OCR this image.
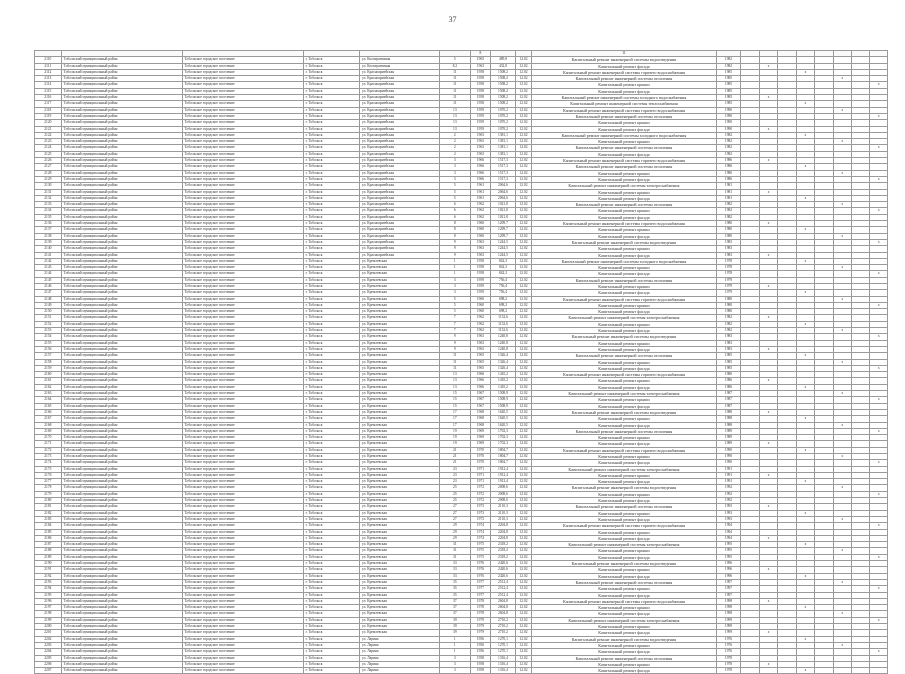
37
						8			11									
2110	Тобольский муниципальный район	Тобольское городское поселение	г. Тобольск	ул. Кооперативная	5	1965	489,8	12.02	Капитальный ремонт инженерной системы водоотведения	1982								
2111	Тобольский муниципальный район	Тобольское городское поселение	г. Тобольск	ул. Кооперативная	8,2	1963	432,8	12.02	Капитальный ремонт фасада	1982		х						
2112	Тобольский муниципальный район	Тобольское городское поселение	г. Тобольск	ул. Красноармейская	11	1958	1508,2	12.02	Капитальный ремонт инженерной системы горячего водоснабжения	1985				х				
2113	Тобольский муниципальный район	Тобольское городское поселение	г. Тобольск	ул. Красноармейская	11	1958	1508,2	12.02	Капитальный ремонт инженерной системы отопления	1985						х		
2114	Тобольский муниципальный район	Тобольское городское поселение	г. Тобольск	ул. Красноармейская	11	1958	1508,2	12.02	Капитальный ремонт крыши	1985								х
2115	Тобольский муниципальный район	Тобольское городское поселение	г. Тобольск	ул. Красноармейская	11	1958	1508,2	12.02	Капитальный ремонт фасада	1985								
2116	Тобольский муниципальный район	Тобольское городское поселение	г. Тобольск	ул. Красноармейская	11	1958	1508,2	12.02	Капитальный ремонт инженерной системы холодного водоснабжения	1985		х						
2117	Тобольский муниципальный район	Тобольское городское поселение	г. Тобольск	ул. Красноармейская	11	1958	1508,2	12.02	Капитальный ремонт инженерной системы теплоснабжения	1985				х				
2118	Тобольский муниципальный район	Тобольское городское поселение	г. Тобольск	ул. Красноармейская	13	1959	1070,2	12.02	Капитальный ремонт инженерной системы горячего водоснабжения	1990						х		
2119	Тобольский муниципальный район	Тобольское городское поселение	г. Тобольск	ул. Красноармейская	13	1959	1070,2	12.02	Капитальный ремонт инженерной системы отопления	1990								х
2120	Тобольский муниципальный район	Тобольское городское поселение	г. Тобольск	ул. Красноармейская	13	1959	1070,2	12.02	Капитальный ремонт крыши	1990								
2121	Тобольский муниципальный район	Тобольское городское поселение	г. Тобольск	ул. Красноармейская	13	1959	1070,2	12.02	Капитальный ремонт фасада	1990		х						
2122	Тобольский муниципальный район	Тобольское городское поселение	г. Тобольск	ул. Красноармейская	2	1963	1381,1	12.02	Капитальный ремонт инженерной системы холодного водоснабжения	1982				х				
2123	Тобольский муниципальный район	Тобольское городское поселение	г. Тобольск	ул. Красноармейская	2	1963	1381,1	12.02	Капитальный ремонт крыши	1982						х		
2124	Тобольский муниципальный район	Тобольское городское поселение	г. Тобольск	ул. Красноармейская	2	1963	1381,1	12.02	Капитальный ремонт инженерной системы отопления	1982								х
2125	Тобольский муниципальный район	Тобольское городское поселение	г. Тобольск	ул. Красноармейская	2	1963	1381,1	12.02	Капитальный ремонт фасада	1982								
2126	Тобольский муниципальный район	Тобольское городское поселение	г. Тобольск	ул. Красноармейская	3	1966	1517,3	12.02	Капитальный ремонт инженерной системы горячего водоснабжения	1986		х						
2127	Тобольский муниципальный район	Тобольское городское поселение	г. Тобольск	ул. Красноармейская	3	1966	1517,3	12.02	Капитальный ремонт инженерной системы отопления	1986				х				
2128	Тобольский муниципальный район	Тобольское городское поселение	г. Тобольск	ул. Красноармейская	3	1966	1517,3	12.02	Капитальный ремонт крыши	1986						х		
2129	Тобольский муниципальный район	Тобольское городское поселение	г. Тобольск	ул. Красноармейская	3	1966	1517,3	12.02	Капитальный ремонт фасада	1986								х
2130	Тобольский муниципальный район	Тобольское городское поселение	г. Тобольск	ул. Красноармейская	5	1961	2064,6	12.02	Капитальный ремонт инженерной системы электроснабжения	1981								
2131	Тобольский муниципальный район	Тобольское городское поселение	г. Тобольск	ул. Красноармейская	5	1961	2064,6	12.02	Капитальный ремонт крыши	1981		х						
2132	Тобольский муниципальный район	Тобольское городское поселение	г. Тобольск	ул. Красноармейская	5	1961	2064,6	12.02	Капитальный ремонт фасада	1981				х				
2133	Тобольский муниципальный район	Тобольское городское поселение	г. Тобольск	ул. Красноармейская	6	1962	1021,8	12.02	Капитальный ремонт инженерной системы отопления	1982						х		
2134	Тобольский муниципальный район	Тобольское городское поселение	г. Тобольск	ул. Красноармейская	6	1962	1021,8	12.02	Капитальный ремонт крыши	1982								х
2135	Тобольский муниципальный район	Тобольское городское поселение	г. Тобольск	ул. Красноармейская	6	1962	1021,8	12.02	Капитальный ремонт фасада	1982								
2136	Тобольский муниципальный район	Тобольское городское поселение	г. Тобольск	ул. Красноармейская	8	1960	1209,7	12.02	Капитальный ремонт инженерной системы горячего водоснабжения	1980		х						
2137	Тобольский муниципальный район	Тобольское городское поселение	г. Тобольск	ул. Красноармейская	8	1960	1209,7	12.02	Капитальный ремонт крыши	1980				х				
2138	Тобольский муниципальный район	Тобольское городское поселение	г. Тобольск	ул. Красноармейская	8	1960	1209,7	12.02	Капитальный ремонт фасада	1980						х		
2139	Тобольский муниципальный район	Тобольское городское поселение	г. Тобольск	ул. Красноармейская	9	1963	1244,5	12.02	Капитальный ремонт инженерной системы водоотведения	1983								х
2140	Тобольский муниципальный район	Тобольское городское поселение	г. Тобольск	ул. Красноармейская	9	1963	1244,5	12.02	Капитальный ремонт крыши	1983								
2141	Тобольский муниципальный район	Тобольское городское поселение	г. Тобольск	ул. Красноармейская	9	1963	1244,5	12.02	Капитальный ремонт фасада	1983		х						
2142	Тобольский муниципальный район	Тобольское городское поселение	г. Тобольск	ул. Кремлевская	1	1958	842,3	12.02	Капитальный ремонт инженерной системы холодного водоснабжения	1978				х				
2143	Тобольский муниципальный район	Тобольское городское поселение	г. Тобольск	ул. Кремлевская	1	1958	842,3	12.02	Капитальный ремонт крыши	1978						х		
2144	Тобольский муниципальный район	Тобольское городское поселение	г. Тобольск	ул. Кремлевская	1	1958	842,3	12.02	Капитальный ремонт фасада	1978								х
2145	Тобольский муниципальный район	Тобольское городское поселение	г. Тобольск	ул. Кремлевская	3	1959	756,4	12.02	Капитальный ремонт инженерной системы отопления	1979								
2146	Тобольский муниципальный район	Тобольское городское поселение	г. Тобольск	ул. Кремлевская	3	1959	756,4	12.02	Капитальный ремонт крыши	1979		х						
2147	Тобольский муниципальный район	Тобольское городское поселение	г. Тобольск	ул. Кремлевская	3	1959	756,4	12.02	Капитальный ремонт фасада	1979				х				
2148	Тобольский муниципальный район	Тобольское городское поселение	г. Тобольск	ул. Кремлевская	5	1960	698,2	12.02	Капитальный ремонт инженерной системы горячего водоснабжения	1980						х		
2149	Тобольский муниципальный район	Тобольское городское поселение	г. Тобольск	ул. Кремлевская	5	1960	698,2	12.02	Капитальный ремонт крыши	1980								х
2150	Тобольский муниципальный район	Тобольское городское поселение	г. Тобольск	ул. Кремлевская	5	1960	698,2	12.02	Капитальный ремонт фасада	1980								
2151	Тобольский муниципальный район	Тобольское городское поселение	г. Тобольск	ул. Кремлевская	7	1962	1132,6	12.02	Капитальный ремонт инженерной системы электроснабжения	1982		х						
2152	Тобольский муниципальный район	Тобольское городское поселение	г. Тобольск	ул. Кремлевская	7	1962	1132,6	12.02	Капитальный ремонт крыши	1982				х				
2153	Тобольский муниципальный район	Тобольское городское поселение	г. Тобольск	ул. Кремлевская	7	1962	1132,6	12.02	Капитальный ремонт фасада	1982						х		
2154	Тобольский муниципальный район	Тобольское городское поселение	г. Тобольск	ул. Кремлевская	9	1963	1240,8	12.02	Капитальный ремонт инженерной системы водоотведения	1983								х
2155	Тобольский муниципальный район	Тобольское городское поселение	г. Тобольск	ул. Кремлевская	9	1963	1240,8	12.02	Капитальный ремонт крыши	1983								
2156	Тобольский муниципальный район	Тобольское городское поселение	г. Тобольск	ул. Кремлевская	9	1963	1240,8	12.02	Капитальный ремонт фасада	1983		х						
2157	Тобольский муниципальный район	Тобольское городское поселение	г. Тобольск	ул. Кремлевская	11	1965	1326,4	12.02	Капитальный ремонт инженерной системы отопления	1985				х				
2158	Тобольский муниципальный район	Тобольское городское поселение	г. Тобольск	ул. Кремлевская	11	1965	1326,4	12.02	Капитальный ремонт крыши	1985						х		
2159	Тобольский муниципальный район	Тобольское городское поселение	г. Тобольск	ул. Кремлевская	11	1965	1326,4	12.02	Капитальный ремонт фасада	1985								х
2160	Тобольский муниципальный район	Тобольское городское поселение	г. Тобольск	ул. Кремлевская	13	1966	1410,2	12.02	Капитальный ремонт инженерной системы горячего водоснабжения	1986								
2161	Тобольский муниципальный район	Тобольское городское поселение	г. Тобольск	ул. Кремлевская	13	1966	1410,2	12.02	Капитальный ремонт крыши	1986		х						
2162	Тобольский муниципальный район	Тобольское городское поселение	г. Тобольск	ул. Кремлевская	13	1966	1410,2	12.02	Капитальный ремонт фасада	1986				х				
2163	Тобольский муниципальный район	Тобольское городское поселение	г. Тобольск	ул. Кремлевская	15	1967	1508,9	12.02	Капитальный ремонт инженерной системы электроснабжения	1987						х		
2164	Тобольский муниципальный район	Тобольское городское поселение	г. Тобольск	ул. Кремлевская	15	1967	1508,9	12.02	Капитальный ремонт крыши	1987								х
2165	Тобольский муниципальный район	Тобольское городское поселение	г. Тобольск	ул. Кремлевская	15	1967	1508,9	12.02	Капитальный ремонт фасада	1987								
2166	Тобольский муниципальный район	Тобольское городское поселение	г. Тобольск	ул. Кремлевская	17	1968	1620,5	12.02	Капитальный ремонт инженерной системы водоотведения	1988		х						
2167	Тобольский муниципальный район	Тобольское городское поселение	г. Тобольск	ул. Кремлевская	17	1968	1620,5	12.02	Капитальный ремонт крыши	1988				х				
2168	Тобольский муниципальный район	Тобольское городское поселение	г. Тобольск	ул. Кремлевская	17	1968	1620,5	12.02	Капитальный ремонт фасада	1988						х		
2169	Тобольский муниципальный район	Тобольское городское поселение	г. Тобольск	ул. Кремлевская	19	1969	1702,3	12.02	Капитальный ремонт инженерной системы отопления	1989								х
2170	Тобольский муниципальный район	Тобольское городское поселение	г. Тобольск	ул. Кремлевская	19	1969	1702,3	12.02	Капитальный ремонт крыши	1989								
2171	Тобольский муниципальный район	Тобольское городское поселение	г. Тобольск	ул. Кремлевская	19	1969	1702,3	12.02	Капитальный ремонт фасада	1989		х						
2172	Тобольский муниципальный район	Тобольское городское поселение	г. Тобольск	ул. Кремлевская	21	1970	1804,7	12.02	Капитальный ремонт инженерной системы горячего водоснабжения	1990				х				
2173	Тобольский муниципальный район	Тобольское городское поселение	г. Тобольск	ул. Кремлевская	21	1970	1804,7	12.02	Капитальный ремонт крыши	1990						х		
2174	Тобольский муниципальный район	Тобольское городское поселение	г. Тобольск	ул. Кремлевская	21	1970	1804,7	12.02	Капитальный ремонт фасада	1990								х
2175	Тобольский муниципальный район	Тобольское городское поселение	г. Тобольск	ул. Кремлевская	23	1971	1912,4	12.02	Капитальный ремонт инженерной системы электроснабжения	1991								
2176	Тобольский муниципальный район	Тобольское городское поселение	г. Тобольск	ул. Кремлевская	23	1971	1912,4	12.02	Капитальный ремонт крыши	1991		х						
2177	Тобольский муниципальный район	Тобольское городское поселение	г. Тобольск	ул. Кремлевская	23	1971	1912,4	12.02	Капитальный ремонт фасада	1991				х				
2178	Тобольский муниципальный район	Тобольское городское поселение	г. Тобольск	ул. Кремлевская	25	1972	2008,6	12.02	Капитальный ремонт инженерной системы водоотведения	1992						х		
2179	Тобольский муниципальный район	Тобольское городское поселение	г. Тобольск	ул. Кремлевская	25	1972	2008,6	12.02	Капитальный ремонт крыши	1992								х
2180	Тобольский муниципальный район	Тобольское городское поселение	г. Тобольск	ул. Кремлевская	25	1972	2008,6	12.02	Капитальный ремонт фасада	1992								
2181	Тобольский муниципальный район	Тобольское городское поселение	г. Тобольск	ул. Кремлевская	27	1973	2110,3	12.02	Капитальный ремонт инженерной системы отопления	1993		х						
2182	Тобольский муниципальный район	Тобольское городское поселение	г. Тобольск	ул. Кремлевская	27	1973	2110,3	12.02	Капитальный ремонт крыши	1993				х				
2183	Тобольский муниципальный район	Тобольское городское поселение	г. Тобольск	ул. Кремлевская	27	1973	2110,3	12.02	Капитальный ремонт фасада	1993						х		
2184	Тобольский муниципальный район	Тобольское городское поселение	г. Тобольск	ул. Кремлевская	29	1974	2204,8	12.02	Капитальный ремонт инженерной системы горячего водоснабжения	1994								х
2185	Тобольский муниципальный район	Тобольское городское поселение	г. Тобольск	ул. Кремлевская	29	1974	2204,8	12.02	Капитальный ремонт крыши	1994								
2186	Тобольский муниципальный район	Тобольское городское поселение	г. Тобольск	ул. Кремлевская	29	1974	2204,8	12.02	Капитальный ремонт фасада	1994		х						
2187	Тобольский муниципальный район	Тобольское городское поселение	г. Тобольск	ул. Кремлевская	31	1975	2318,2	12.02	Капитальный ремонт инженерной системы электроснабжения	1995				х				
2188	Тобольский муниципальный район	Тобольское городское поселение	г. Тобольск	ул. Кремлевская	31	1975	2318,2	12.02	Капитальный ремонт крыши	1995						х		
2189	Тобольский муниципальный район	Тобольское городское поселение	г. Тобольск	ул. Кремлевская	31	1975	2318,2	12.02	Капитальный ремонт фасада	1995								х
2190	Тобольский муниципальный район	Тобольское городское поселение	г. Тобольск	ул. Кремлевская	33	1976	2420,6	12.02	Капитальный ремонт инженерной системы водоотведения	1996								
2191	Тобольский муниципальный район	Тобольское городское поселение	г. Тобольск	ул. Кремлевская	33	1976	2420,6	12.02	Капитальный ремонт крыши	1996		х						
2192	Тобольский муниципальный район	Тобольское городское поселение	г. Тобольск	ул. Кремлевская	33	1976	2420,6	12.02	Капитальный ремонт фасада	1996				х				
2193	Тобольский муниципальный район	Тобольское городское поселение	г. Тобольск	ул. Кремлевская	35	1977	2512,4	12.02	Капитальный ремонт инженерной системы отопления	1997						х		
2194	Тобольский муниципальный район	Тобольское городское поселение	г. Тобольск	ул. Кремлевская	35	1977	2512,4	12.02	Капитальный ремонт крыши	1997								х
2195	Тобольский муниципальный район	Тобольское городское поселение	г. Тобольск	ул. Кремлевская	35	1977	2512,4	12.02	Капитальный ремонт фасада	1997								
2196	Тобольский муниципальный район	Тобольское городское поселение	г. Тобольск	ул. Кремлевская	37	1978	2604,8	12.02	Капитальный ремонт инженерной системы горячего водоснабжения	1998		х						
2197	Тобольский муниципальный район	Тобольское городское поселение	г. Тобольск	ул. Кремлевская	37	1978	2604,8	12.02	Капитальный ремонт крыши	1998				х				
2198	Тобольский муниципальный район	Тобольское городское поселение	г. Тобольск	ул. Кремлевская	37	1978	2604,8	12.02	Капитальный ремонт фасада	1998						х		
2199	Тобольский муниципальный район	Тобольское городское поселение	г. Тобольск	ул. Кремлевская	39	1979	2710,2	12.02	Капитальный ремонт инженерной системы электроснабжения	1999								х
2200	Тобольский муниципальный район	Тобольское городское поселение	г. Тобольск	ул. Кремлевская	39	1979	2710,2	12.02	Капитальный ремонт крыши	1999								
2201	Тобольский муниципальный район	Тобольское городское поселение	г. Тобольск	ул. Кремлевская	39	1979	2710,2	12.02	Капитальный ремонт фасада	1999		х						
2202	Тобольский муниципальный район	Тобольское городское поселение	г. Тобольск	ул. Ларина	1	1956	1270,1	12.02	Капитальный ремонт инженерной системы водоотведения	1976				х				
2203	Тобольский муниципальный район	Тобольское городское поселение	г. Тобольск	ул. Ларина	1	1956	1270,1	12.02	Капитальный ремонт крыши	1976						х		
2204	Тобольский муниципальный район	Тобольское городское поселение	г. Тобольск	ул. Ларина	1	1956	1270,1	12.02	Капитальный ремонт фасада	1976								х
2205	Тобольский муниципальный район	Тобольское городское поселение	г. Тобольск	ул. Ларина	3	1958	1316,4	12.02	Капитальный ремонт инженерной системы отопления	1978								
2206	Тобольский муниципальный район	Тобольское городское поселение	г. Тобольск	ул. Ларина	3	1958	1316,4	12.02	Капитальный ремонт крыши	1978		х						
2207	Тобольский муниципальный район	Тобольское городское поселение	г. Тобольск	ул. Ларина	3	1958	1316,4	12.02	Капитальный ремонт фасада	1978				х				
